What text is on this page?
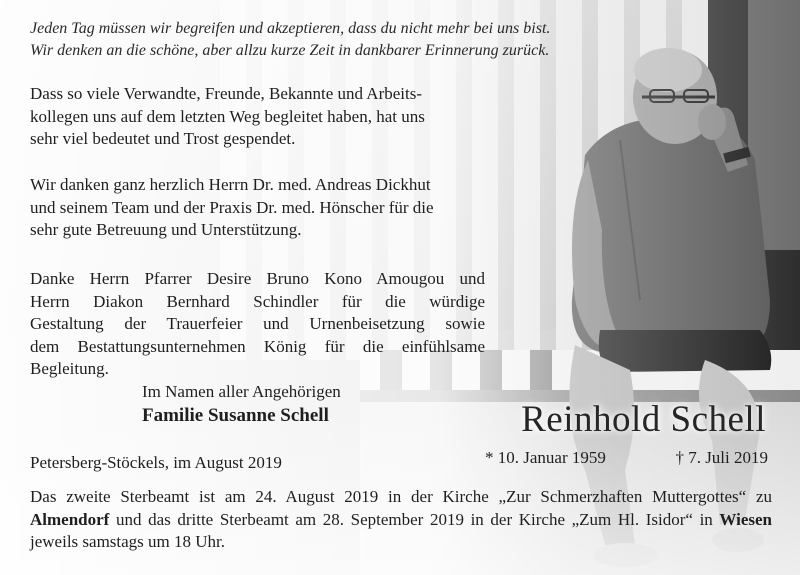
Jeden Tag müssen wir begreifen und akzeptieren, dass du nicht mehr bei uns bist.
Wir denken an die schöne, aber allzu kurze Zeit in dankbarer Erinnerung zurück.
Dass so viele Verwandte, Freunde, Bekannte und Arbeits-
kollegen uns auf dem letzten Weg begleitet haben, hat uns
sehr viel bedeutet und Trost gespendet.
Wir danken ganz herzlich Herrn Dr. med. Andreas Dickhut
und seinem Team und der Praxis Dr. med. Hönscher für die
sehr gute Betreuung und Unterstützung.
Danke Herrn Pfarrer Desire Bruno Kono Amougou und
Herrn Diakon Bernhard Schindler für die würdige
Gestaltung der Trauerfeier und Urnenbeisetzung sowie
dem Bestattungsunternehmen König für die einfühlsame
Begleitung.
Im Namen aller Angehörigen
Familie Susanne Schell
Petersberg-Stöckels, im August 2019
Reinhold Schell
* 10. Januar 1959	† 7. Juli 2019
Das zweite Sterbeamt ist am 24. August 2019 in der Kirche „Zur Schmerzhaften Muttergottes“ zu Almendorf und das dritte Sterbeamt am 28. September 2019 in der Kirche „Zum Hl. Isidor“ in Wiesen jeweils samstags um 18 Uhr.
